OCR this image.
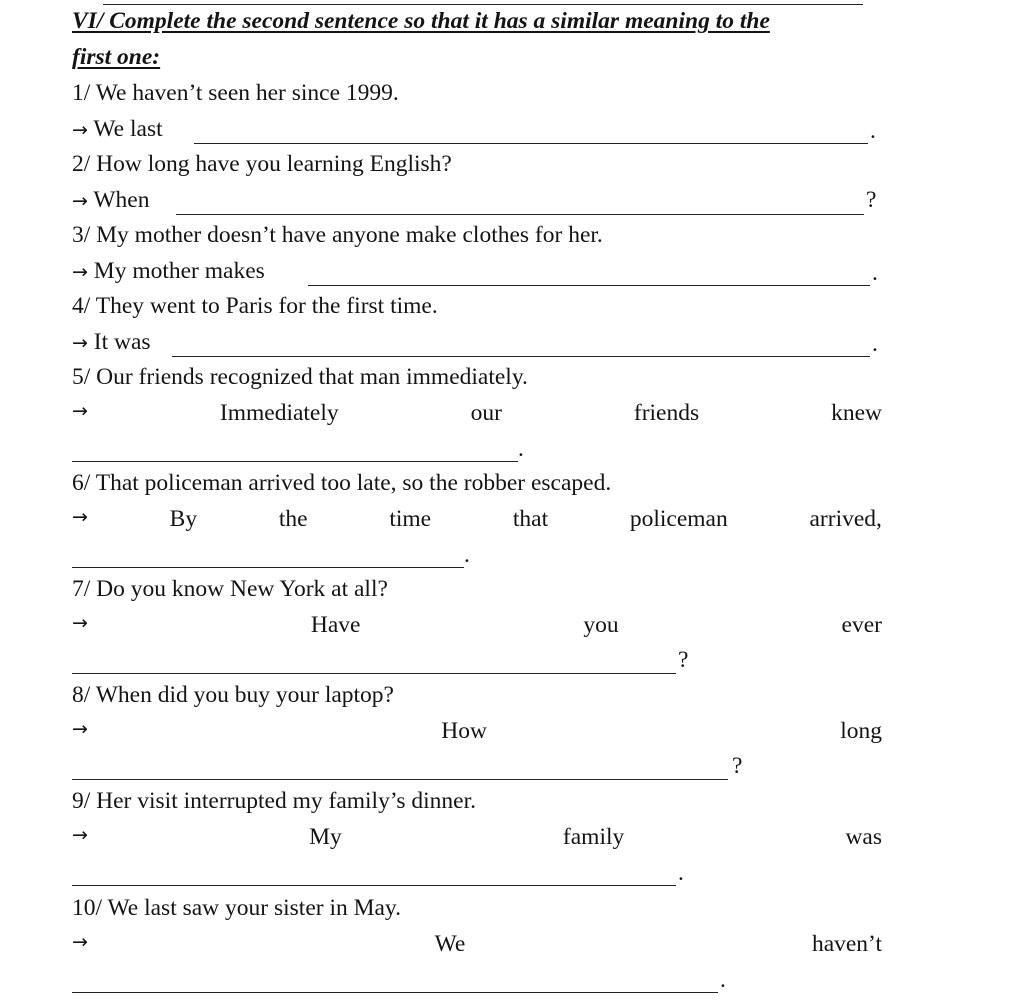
VI/ Complete the second sentence so that it has a similar meaning to the
first one:
1/ We haven’t seen her since 1999.
→ We last	.
2/ How long have you learning English?
→ When	?
3/ My mother doesn’t have anyone make clothes for her.
→ My mother makes	.
4/ They went to Paris for the first time.
→ It was	.
5/ Our friends recognized that man immediately.
→	Immediately	our	friends	knew
.
6/ That policeman arrived too late, so the robber escaped.
→	By	the	time	that	policeman	arrived,
.
7/ Do you know New York at all?
→	Have	you	ever
?
8/ When did you buy your laptop?
→	How	long
?
9/ Her visit interrupted my family’s dinner.
→	My	family	was
.
10/ We last saw your sister in May.
→	We	haven’t
.
